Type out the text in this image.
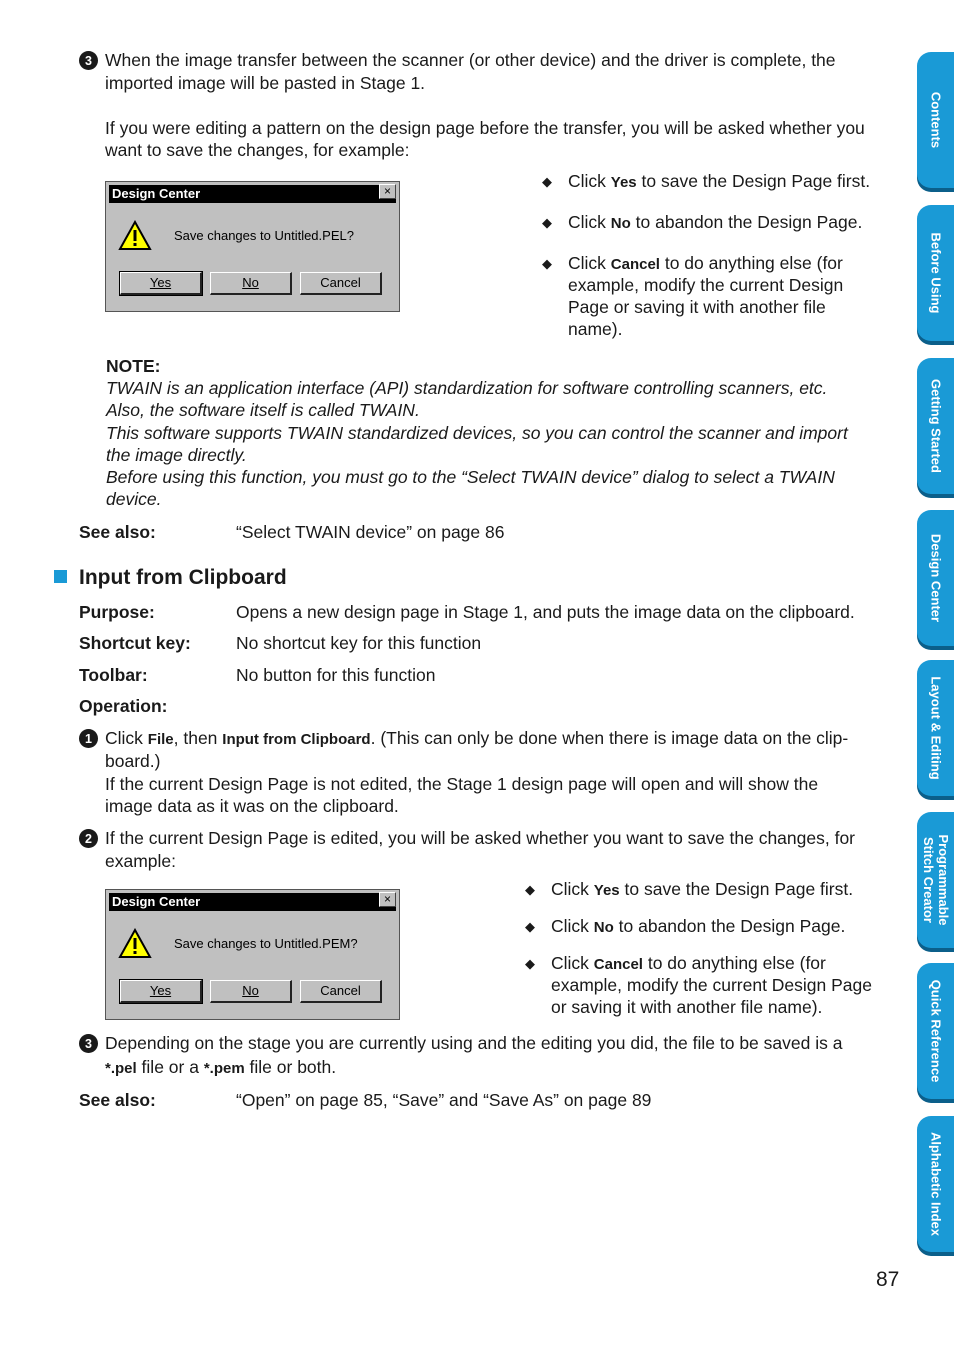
3 When the image transfer between the scanner (or other device) and the driver is complete, the
imported image will be pasted in Stage 1.
If you were editing a pattern on the design page before the transfer, you will be asked whether you
want to save the changes, for example:
Design Center	×
Save changes to Untitled.PEL?
Yes	No	Cancel
◆ Click Yes to save the Design Page first.
◆ Click No to abandon the Design Page.
◆ Click Cancel to do anything else (for
example, modify the current Design
Page or saving it with another file
name).
NOTE:
TWAIN is an application interface (API) standardization for software controlling scanners, etc.
Also, the software itself is called TWAIN.
This software supports TWAIN standardized devices, so you can control the scanner and import
the image directly.
Before using this function, you must go to the “Select TWAIN device” dialog to select a TWAIN
device.
See also:	“Select TWAIN device” on page 86
Input from Clipboard
Purpose:	Opens a new design page in Stage 1, and puts the image data on the clipboard.
Shortcut key:	No shortcut key for this function
Toolbar:	No button for this function
Operation:
1 Click File, then Input from Clipboard. (This can only be done when there is image data on the clip-
board.)
If the current Design Page is not edited, the Stage 1 design page will open and will show the
image data as it was on the clipboard.
2 If the current Design Page is edited, you will be asked whether you want to save the changes, for
example:
Design Center	×
Save changes to Untitled.PEM?
Yes	No	Cancel
◆ Click Yes to save the Design Page first.
◆ Click No to abandon the Design Page.
◆ Click Cancel to do anything else (for
example, modify the current Design Page
or saving it with another file name).
3 Depending on the stage you are currently using and the editing you did, the file to be saved is a
*.pel file or a *.pem file or both.
See also:	“Open” on page 85, “Save” and “Save As” on page 89
87
Contents
Before Using
Getting Started
Design Center
Layout & Editing
Programmable
Stitch Creator
Quick Reference
Alphabetic Index
